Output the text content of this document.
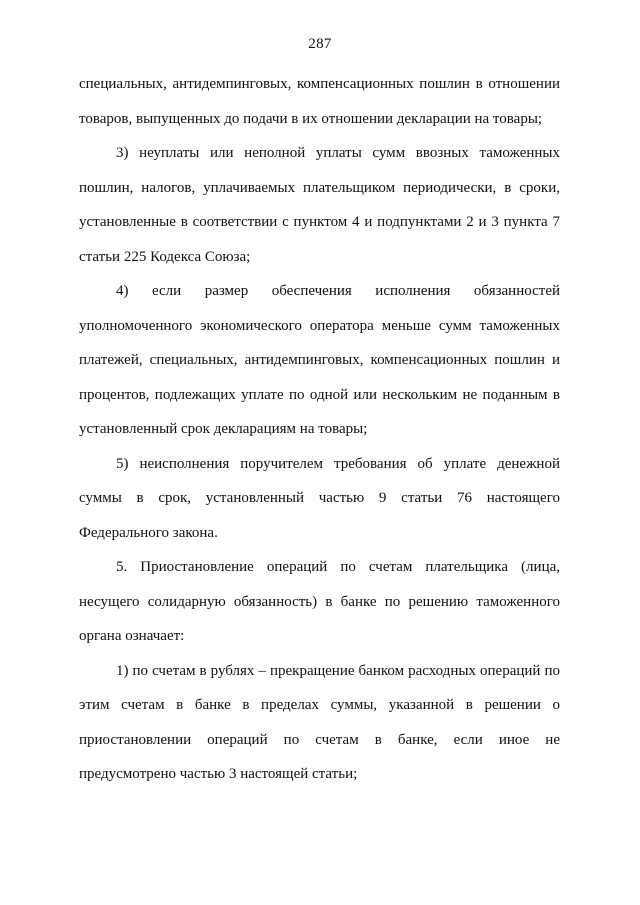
287

специальных, антидемпинговых, компенсационных пошлин в отношении товаров, выпущенных до подачи в их отношении декларации на товары;

3) неуплаты или неполной уплаты сумм ввозных таможенных пошлин, налогов, уплачиваемых плательщиком периодически, в сроки, установленные в соответствии с пунктом 4 и подпунктами 2 и 3 пункта 7 статьи 225 Кодекса Союза;

4) если размер обеспечения исполнения обязанностей уполномоченного экономического оператора меньше сумм таможенных платежей, специальных, антидемпинговых, компенсационных пошлин и процентов, подлежащих уплате по одной или нескольким не поданным в установленный срок декларациям на товары;

5) неисполнения поручителем требования об уплате денежной суммы в срок, установленный частью 9 статьи 76 настоящего Федерального закона.

5. Приостановление операций по счетам плательщика (лица, несущего солидарную обязанность) в банке по решению таможенного органа означает:

1) по счетам в рублях – прекращение банком расходных операций по этим счетам в банке в пределах суммы, указанной в решении о приостановлении операций по счетам в банке, если иное не предусмотрено частью 3 настоящей статьи;
